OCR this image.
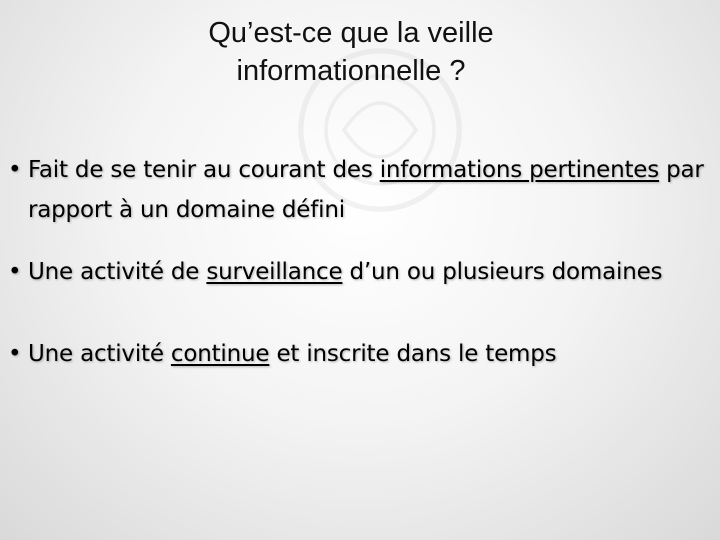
Qu’est-ce que la veille
informationnelle ?
• Fait de se tenir au courant des informations pertinentes par rapport à un domaine défini
• Une activité de surveillance d’un ou plusieurs domaines
• Une activité continue et inscrite dans le temps
